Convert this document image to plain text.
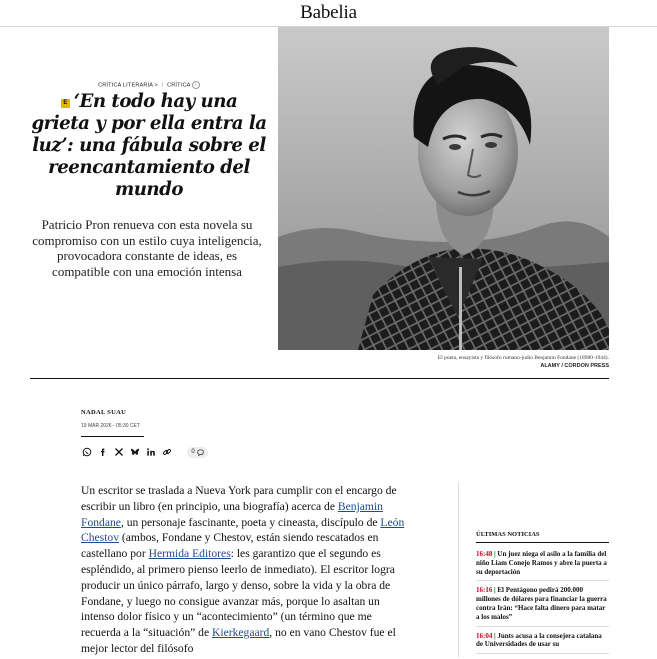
Babelia
CRÍTICA LITERARIA > | CRÍTICA i
E ‘En todo hay una grieta y por ella entra la luz’: una fábula sobre el reencantamiento del mundo

Patricio Pron renueva con esta novela su compromiso con un estilo cuya inteligencia, provocadora constante de ideas, es compatible con una emoción intensa

El poeta, ensayista y filósofo rumano-judío Benjamin Fondane (18980-1944).
ALAMY / CORDON PRESS
NADAL SUAU
19 MAR 2026 - 05:30 CET
0

Un escritor se traslada a Nueva York para cumplir con el encargo de escribir un libro (en principio, una biografía) acerca de Benjamin Fondane, un personaje fascinante, poeta y cineasta, discípulo de León Chestov (ambos, Fondane y Chestov, están siendo rescatados en castellano por Hermida Editores: les garantizo que el segundo es espléndido, al primero pienso leerlo de inmediato). El escritor logra producir un único párrafo, largo y denso, sobre la vida y la obra de Fondane, y luego no consigue avanzar más, porque lo asaltan un intenso dolor físico y un “acontecimiento” (un término que me recuerda a la “situación” de Kierkegaard, no en vano Chestov fue el mejor lector del filósofo

ÚLTIMAS NOTICIAS
16:48 | Un juez niega el asilo a la familia del niño Liam Conejo Ramos y abre la puerta a su deportación
16:16 | El Pentágono pedirá 200.000 millones de dólares para financiar la guerra contra Irán: “Hace falta dinero para matar a los malos”
16:04 | Junts acusa a la consejera catalana de Universidades de usar su
